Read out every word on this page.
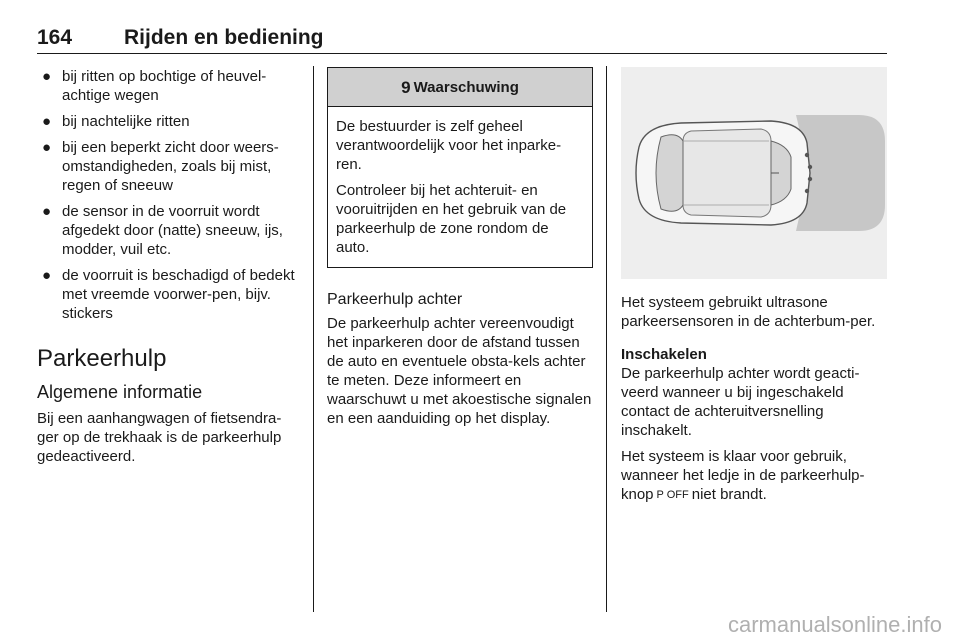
164 Rijden en bediening
● bij ritten op bochtige of heuvel-achtige wegen
● bij nachtelijke ritten
● bij een beperkt zicht door weers-omstandigheden, zoals bij mist, regen of sneeuw
● de sensor in de voorruit wordt afgedekt door (natte) sneeuw, ijs, modder, vuil etc.
● de voorruit is beschadigd of bedekt met vreemde voorwer-pen, bijv. stickers
Parkeerhulp
Algemene informatie

Bij een aanhangwagen of fietsendra-ger op de trekhaak is de parkeerhulp gedeactiveerd.

9 Waarschuwing

De bestuurder is zelf geheel verantwoordelijk voor het inparke-ren.

Controleer bij het achteruit- en vooruitrijden en het gebruik van de parkeerhulp de zone rondom de auto.

Parkeerhulp achter

De parkeerhulp achter vereenvoudigt het inparkeren door de afstand tussen de auto en eventuele obsta-kels achter te meten. Deze informeert en waarschuwt u met akoestische signalen en een aanduiding op het display.

Het systeem gebruikt ultrasone parkeersensoren in de achterbum-per.

Inschakelen

De parkeerhulp achter wordt geacti-veerd wanneer u bij ingeschakeld contact de achteruitversnelling inschakelt.

Het systeem is klaar voor gebruik, wanneer het ledje in de parkeerhulp-knop P OFF niet brandt.

carmanualsonline.info
